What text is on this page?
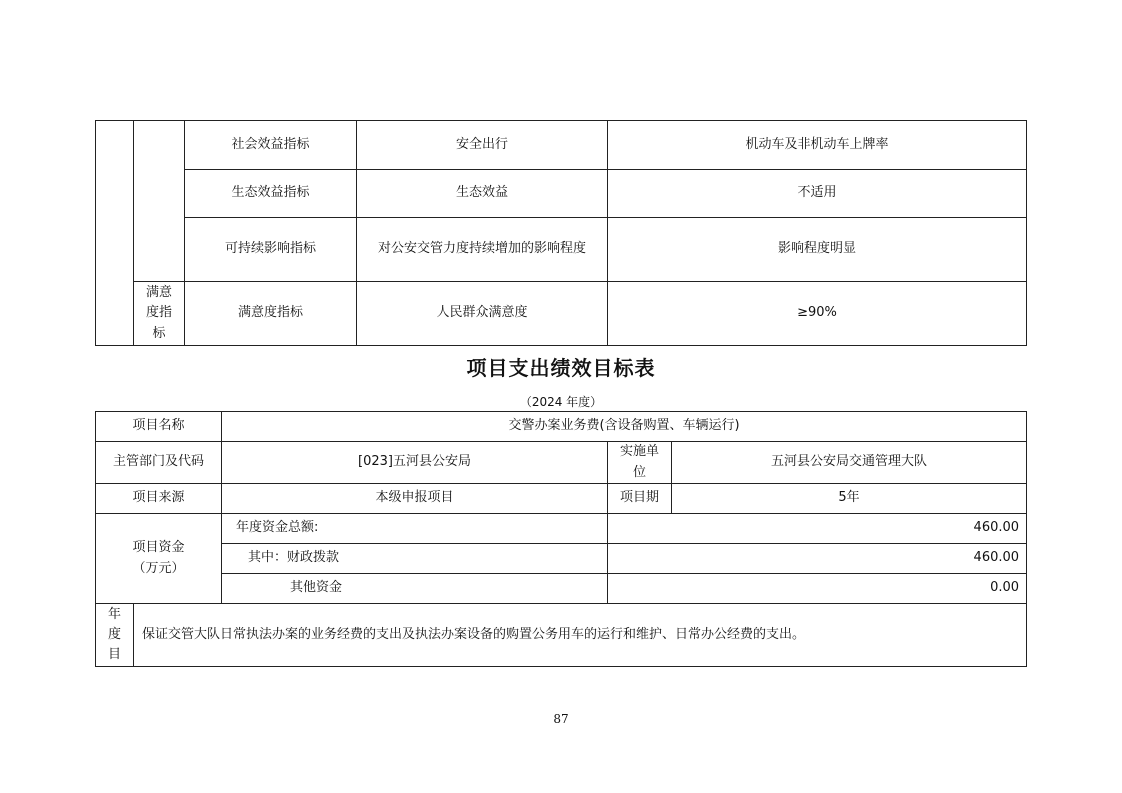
		社会效益指标	安全出行	机动车及非机动车上牌率
		生态效益指标	生态效益	不适用
		可持续影响指标	对公安交管力度持续增加的影响程度	影响程度明显
	满意度指标	满意度指标	人民群众满意度	≥90%
项目支出绩效目标表
（2024 年度）
项目名称		交警办案业务费(含设备购置、车辆运行)		
主管部门及代码		[023]五河县公安局	实施单位	五河县公安局交通管理大队
项目来源		本级申报项目	项目期	5年

项目资金
（万元）		年度资金总额:	460.00	
		其中：财政拨款	460.00	
		其他资金	0.00	
年度目	保证交管大队日常执法办案的业务经费的支出及执法办案设备的购置公务用车的运行和维护、日常办公经费的支出。			
87
